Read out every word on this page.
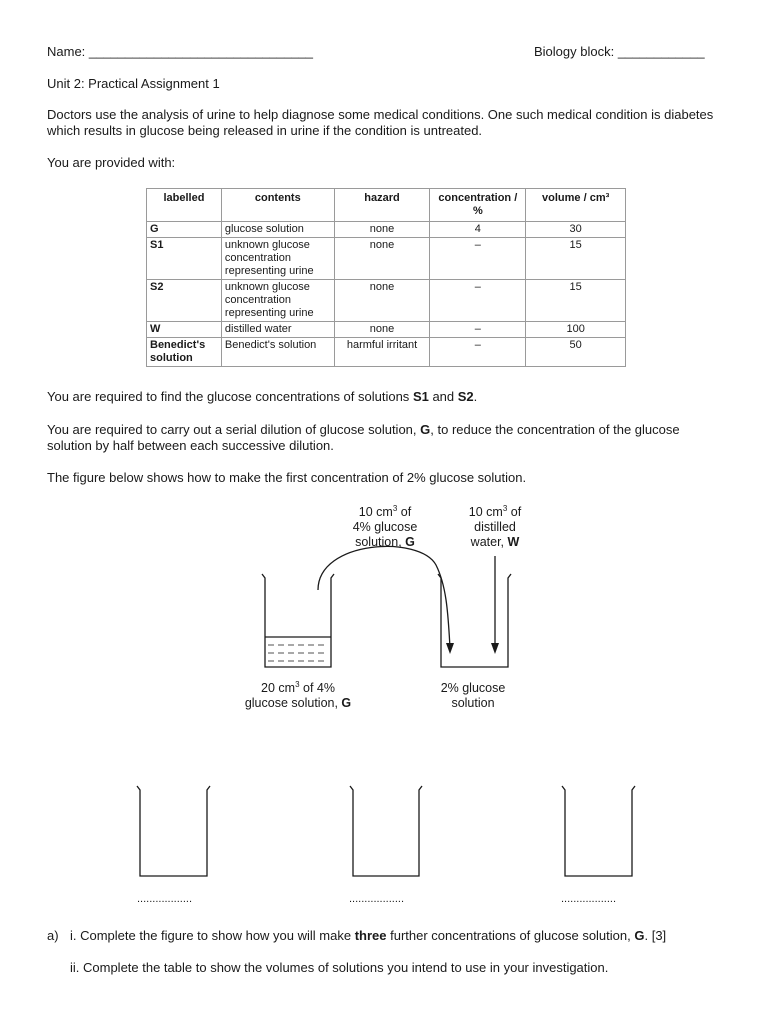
Name: _______________________________	Biology block: ____________
Unit 2: Practical Assignment 1

Doctors use the analysis of urine to help diagnose some medical conditions. One such medical condition is diabetes which results in glucose being released in urine if the condition is untreated.

You are provided with:
labelled	contents	hazard	concentration / %	volume / cm³
G	glucose solution	none	4	30
S1	unknown glucose concentration representing urine	none	–	15
S2	unknown glucose concentration representing urine	none	–	15
W	distilled water	none	–	100
Benedict's solution	Benedict's solution	harmful irritant	–	50
You are required to find the glucose concentrations of solutions S1 and S2.
You are required to carry out a serial dilution of glucose solution, G, to reduce the concentration of the glucose solution by half between each successive dilution.
The figure below shows how to make the first concentration of 2% glucose solution.
10 $cm^3$ of
4% glucose
solution, G
10 $cm^3$ of
distilled
water, W
20 $cm^3$ of 4%
glucose solution, G
2% glucose
solution
..................	..................	..................
a) i. Complete the figure to show how you will make three further concentrations of glucose solution, G. [3]
ii. Complete the table to show the volumes of solutions you intend to use in your investigation.
